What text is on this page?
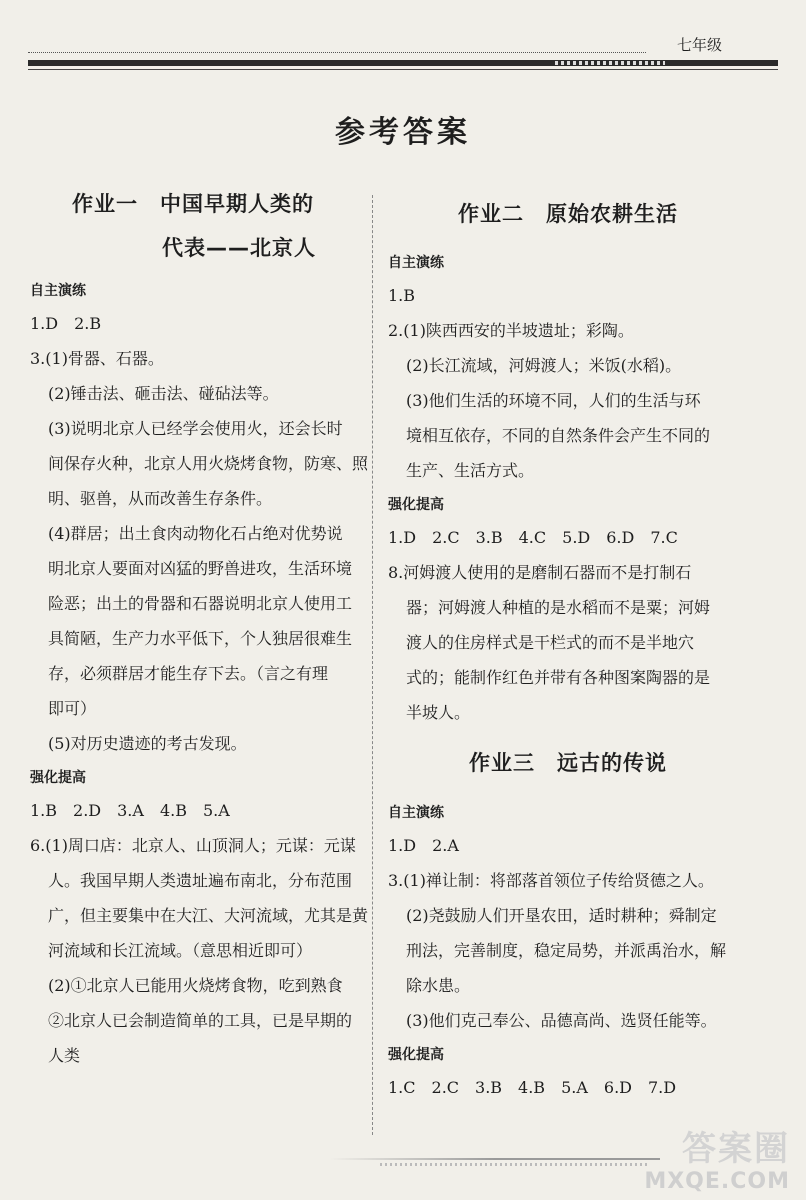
七年级
参考答案
作业一　中国早期人类的
代表——北京人
自主演练
1.D　2.B
3.(1)骨器、石器。
(2)锤击法、砸击法、碰砧法等。
(3)说明北京人已经学会使用火，还会长时
间保存火种，北京人用火烧烤食物，防寒、照
明、驱兽，从而改善生存条件。
(4)群居；出土食肉动物化石占绝对优势说
明北京人要面对凶猛的野兽进攻，生活环境
险恶；出土的骨器和石器说明北京人使用工
具简陋，生产力水平低下，个人独居很难生
存，必须群居才能生存下去。（言之有理
即可）
(5)对历史遗迹的考古发现。
强化提高
1.B　2.D　3.A　4.B　5.A
6.(1)周口店：北京人、山顶洞人；元谋：元谋
人。我国早期人类遗址遍布南北，分布范围
广，但主要集中在大江、大河流域，尤其是黄
河流域和长江流域。（意思相近即可）
(2)①北京人已能用火烧烤食物，吃到熟食
②北京人已会制造简单的工具，已是早期的
人类
作业二　原始农耕生活
自主演练
1.B
2.(1)陕西西安的半坡遗址；彩陶。
(2)长江流域，河姆渡人；米饭(水稻)。
(3)他们生活的环境不同，人们的生活与环
境相互依存，不同的自然条件会产生不同的
生产、生活方式。
强化提高
1.D　2.C　3.B　4.C　5.D　6.D　7.C
8.河姆渡人使用的是磨制石器而不是打制石
器；河姆渡人种植的是水稻而不是粟；河姆
渡人的住房样式是干栏式的而不是半地穴
式的；能制作红色并带有各种图案陶器的是
半坡人。
作业三　远古的传说
自主演练
1.D　2.A
3.(1)禅让制：将部落首领位子传给贤德之人。
(2)尧鼓励人们开垦农田，适时耕种；舜制定
刑法，完善制度，稳定局势，并派禹治水，解
除水患。
(3)他们克己奉公、品德高尚、选贤任能等。
强化提高
1.C　2.C　3.B　4.B　5.A　6.D　7.D
答案圈
MXQE.COM
